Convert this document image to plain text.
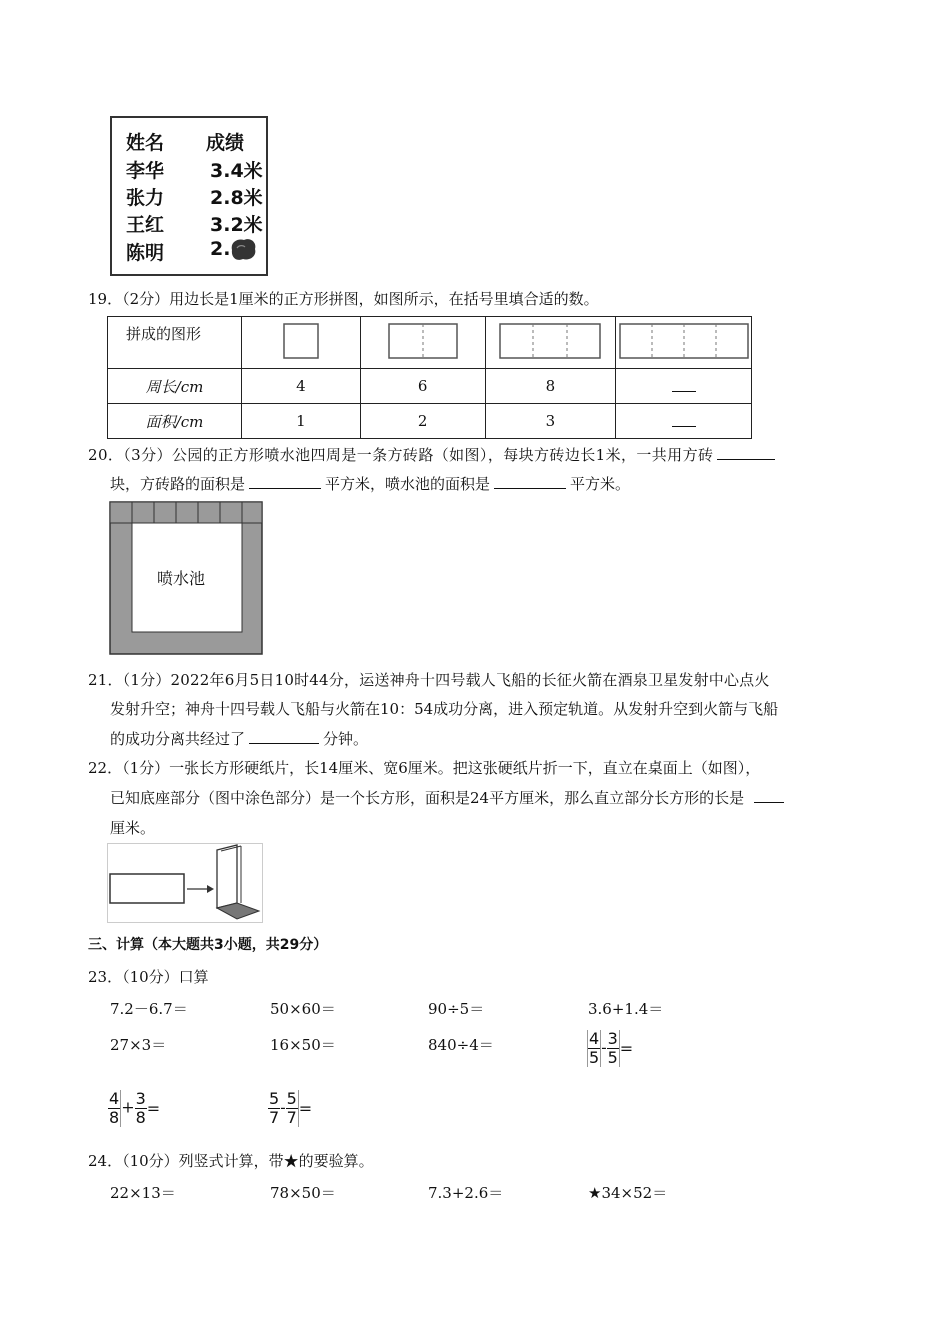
姓名 成绩
李华 3.4米
张力 2.8米
王红 3.2米
陈明 2.
19．（2分）用边长是1厘米的正方形拼图，如图所示，在括号里填合适的数。
拼成的图形				
周长/cm	4	6	8	
面积/cm	1	2	3	
20．（3分）公园的正方形喷水池四周是一条方砖路（如图），每块方砖边长1米，一共用方砖
块，方砖路的面积是	平方米，喷水池的面积是	平方米。
喷水池
21．（1分）2022年6月5日10时44分，运送神舟十四号载人飞船的长征火箭在酒泉卫星发射中心点火
发射升空；神舟十四号载人飞船与火箭在10：54成功分离，进入预定轨道。从发射升空到火箭与飞船
的成功分离共经过了	分钟。
22．（1分）一张长方形硬纸片，长14厘米、宽6厘米。把这张硬纸片折一下，直立在桌面上（如图），
已知底座部分（图中涂色部分）是一个长方形，面积是24平方厘米，那么直立部分长方形的长是
厘米。
三、计算（本大题共3小题，共29分）
23．（10分）口算
7.2－6.7＝	50×60＝	90÷5＝	3.6+1.4＝
27×3＝	16×50＝	840÷4＝	$\frac{4}{5} - \frac{3}{5}$ =
$\frac{4}{8} + \frac{3}{8}$ =	$\frac{5}{7} - \frac{5}{7}$ =
24．（10分）列竖式计算，带★的要验算。
22×13＝	78×50＝	7.3+2.6＝	★34×52＝
